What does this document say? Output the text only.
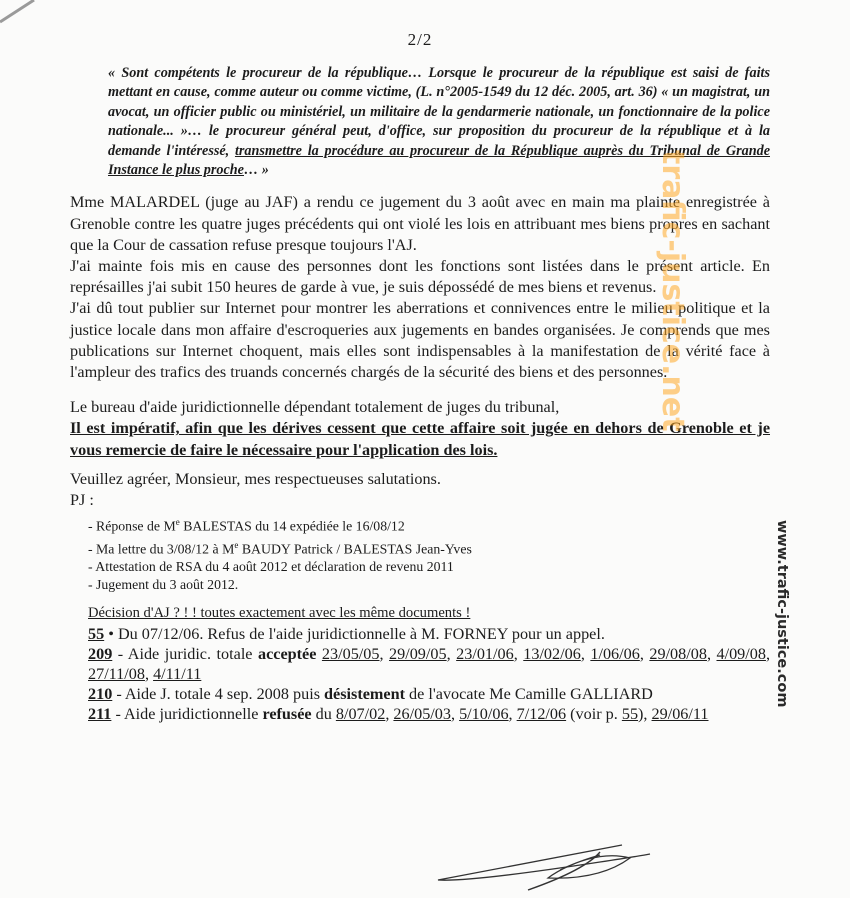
2/2
« Sont compétents le procureur de la république… Lorsque le procureur de la république est saisi de faits mettant en cause, comme auteur ou comme victime, (L. n°2005-1549 du 12 déc. 2005, art. 36) « un magistrat, un avocat, un officier public ou ministériel, un militaire de la gendarmerie nationale, un fonctionnaire de la police nationale... »… le procureur général peut, d'office, sur proposition du procureur de la république et à la demande l'intéressé, transmettre la procédure au procureur de la République auprès du Tribunal de Grande Instance le plus proche… »

Mme MALARDEL (juge au JAF) a rendu ce jugement du 3 août avec en main ma plainte enregistrée à Grenoble contre les quatre juges précédents qui ont violé les lois en attribuant mes biens propres en sachant que la Cour de cassation refuse presque toujours l'AJ.

J'ai mainte fois mis en cause des personnes dont les fonctions sont listées dans le présent article. En représailles j'ai subit 150 heures de garde à vue, je suis dépossédé de mes biens et revenus.

J'ai dû tout publier sur Internet pour montrer les aberrations et connivences entre le milieu politique et la justice locale dans mon affaire d'escroqueries aux jugements en bandes organisées. Je comprends que mes publications sur Internet choquent, mais elles sont indispensables à la manifestation de la vérité face à l'ampleur des trafics des truands concernés chargés de la sécurité des biens et des personnes.

Le bureau d'aide juridictionnelle dépendant totalement de juges du tribunal,

Il est impératif, afin que les dérives cessent que cette affaire soit jugée en dehors de Grenoble et je vous remercie de faire le nécessaire pour l'application des lois.

Veuillez agréer, Monsieur, mes respectueuses salutations.

PJ :

- Réponse de Me BALESTAS du 14 expédiée le 16/08/12
- Ma lettre du 3/08/12 à Me BAUDY Patrick / BALESTAS Jean-Yves
- Attestation de RSA du 4 août 2012 et déclaration de revenu 2011
- Jugement du 3 août 2012.
Décision d'AJ ? ! ! toutes exactement avec les même documents !
55 • Du 07/12/06. Refus de l'aide juridictionnelle à M. FORNEY pour un appel.
209 - Aide juridic. totale acceptée 23/05/05, 29/09/05, 23/01/06, 13/02/06, 1/06/06, 29/08/08, 4/09/08, 27/11/08, 4/11/11
210 - Aide J. totale 4 sep. 2008 puis désistement de l'avocate Me Camille GALLIARD
211 - Aide juridictionnelle refusée du 8/07/02, 26/05/03, 5/10/06, 7/12/06 (voir p. 55), 29/06/11
trafic-justice.net
www.trafic-justice.com
